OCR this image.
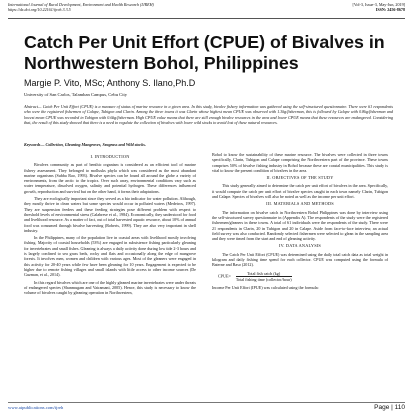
International Journal of Rural Development, Environment and Health Research (IJREH)
https://dx.doi.org/10.22161/ijreh.3.3.5
[Vol-3, Issue-3, May-Jun, 2019]
ISSN: 2456-8678
Catch Per Unit Effort (CPUE) of Bivalves in Northwestern Bohol, Philippines
Margie P. Vito, MSc; Anthony S. Ilano,Ph.D
University of San Carlos, Talamban Campus, Cebu City
Abstract— Catch Per Unit Effort (CPUE) is a measure of status of marine resource in a given area. In this study, bivalve fishery information was gathered using the self-structured questionnaire. There were 61 respondents who were the registered fishermen of Calape, Tubigon and Clarin. Among the three towns it was Clarin whose highest mean CPUE was observed with 1.3kg/fisherman, this is followed by Calape with 0.8kg/fisherman and lowest mean CPUE was recorded in Tubigon with 0.6kg/fisherman. High CPUE value means that there are still enough bivalve resources in the area and lower CPUE means that these resources are endangered. Considering that, the result of this study showed that there is a need to regulate the collection of bivalves with lower wild stocks to avoid lost of these natural resources.
Keywords— Collection, Gleaning Mangroves, Seagrass and Wild stocks.
I. INTRODUCTION
Bivalves community as part of benthic organism is considered as an efficient tool of marine fishery assessment. They belonged to mollusks phyla which was considered as the most abundant marine organisms (Subba Rao, 1993). Bivalve species can be found all around the globe a variety of environments, from the arctic to the tropics. Over such array, environmental conditions vary such as water temperature, dissolved oxygen, salinity and potential hydrogen. These differences influenced growth, reproduction and survival but on the other hand, it forms their adaptations.
They are ecologically important since they served as a bio indicator for water pollution. Although, they mostly thrive in clean waters but some species would occur in polluted waters (Medeiros, 1997). They are suspension feeders and these feeding strategies pose different problem with respect to threshold levels of environmental stress (Calabrese et al., 1984). Economically, they understood for food and livelihood resource. As a matter of fact, out of total harvested aquatic resource, about 10% of annual food was consumed through bivalve harvesting (Roberts, 1999). They are also very important in shell industry.
In the Philippines, many of the population live in coastal areas with livelihood mostly involving fishing. Majority of coastal households (53%) are engaged in subsistence fishing particularly gleaning for invertebrates and small fishes. Gleaning is always a daily activity done during low tide 2-3 hours and is largely confined to sea grass beds, rocky and flats and occasionally along the edge of mangrove forests. It involves men, women and children with various ages. Most of the gleaners were engaged in this activity for 20-40 years while few have been gleaning for 10 years. Engagement is expected to be higher due to remote fishing villages and small islands with little access to other income sources (De Guzman, et al., 2014).
In this regard bivalves which are one of the highly gleaned marine invertebrates were under threats of endangered species (Shanmugam and Vairamani, 2005). Hence, this study is necessary to know the volume of bivalves caught by gleaning operation in Northwestern,
Bohol to know the sustainability of these marine resource. The bivalves were collected in three towns specifically, Clarin, Tubigon and Calape comprising the Northwestern part of the province. These towns comprises 50% of bivalve fishing industry in Bohol because these are coastal municipalities. This study is vital to know the present condition of bivalves in the area.
II. OBJECTIVES OF THE STUDY
This study generally aimed to determine the catch per unit effort of bivalves in the area. Specifically, it would compute the catch per unit effort of bivalve species caught in each town namely Clarin, Tubigon and Calape. Species of bivalves will also be noted as well as the income per unit effort.
III. MATERIALS AND METHODS
The information on bivalve catch in Northwestern Bohol Philippines was done by interview using the self-structured survey questionnaire in (Appendix A). The respondents of the study were the registered fishermen/gleaners in these towns. A total of 61 individuals were the respondents of the study. There were 21 respondents in Clarin, 20 in Tubigon and 20 in Calape. Aside from face-to-face interview, an actual field survey was also conducted. Randomly selected fishermen were selected to glean in the sampling area and they were timed from the start and end of gleaning activity.
IV. DATA ANALYSIS
The Catch Per Unit Effort (CPUE) was determined using the daily total catch data as total weight in kilogram and daily fishing time spend for each collector. CPUE was computed using the formula of Baterne and Baso (2012).
CPUE= $\frac{\text{Total fish catch (kg)}}{\text{Total fishing time (collector/hour)}}$
Income Per Unit Effort (IPUE) was calculated using the formula:
www.aipublications.com/ijreh	Page | 110
